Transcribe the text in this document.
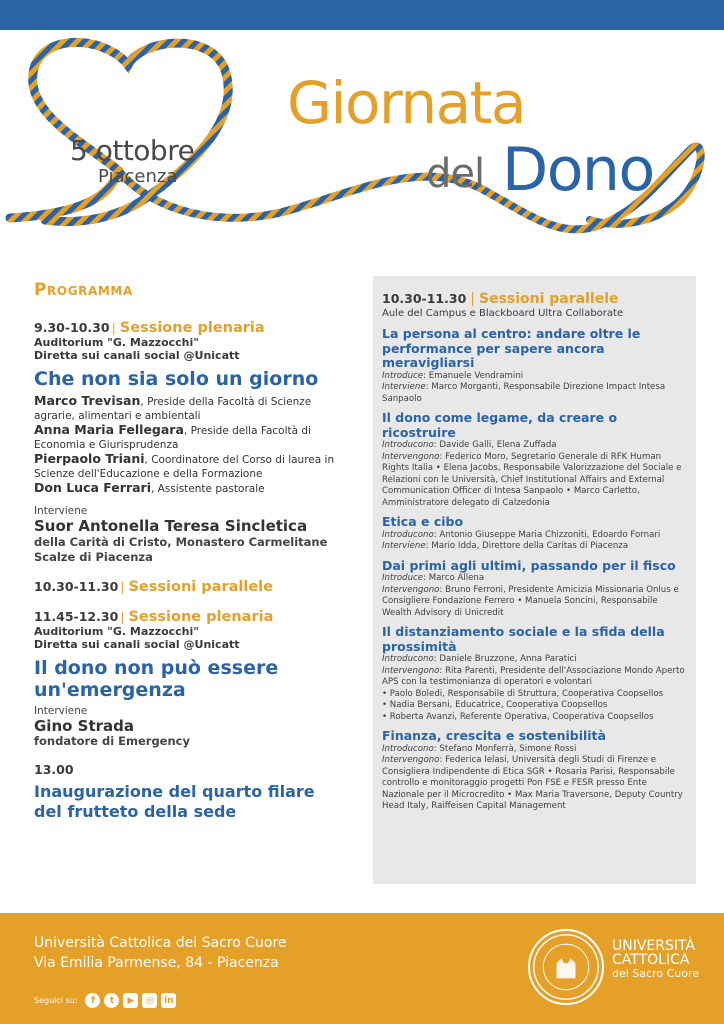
5 ottobre
Piacenza
Giornata
del Dono
Programma
9.30-10.30 | Sessione plenaria
Auditorium "G. Mazzocchi"
Diretta sui canali social @Unicatt
Che non sia solo un giorno
Marco Trevisan, Preside della Facoltà di Scienze agrarie, alimentari e ambientali
Anna Maria Fellegara, Preside della Facoltà di Economia e Giurisprudenza
Pierpaolo Triani, Coordinatore del Corso di laurea in Scienze dell'Educazione e della Formazione
Don Luca Ferrari, Assistente pastorale
Interviene
Suor Antonella Teresa Sincletica
della Carità di Cristo, Monastero Carmelitane Scalze di Piacenza
10.30-11.30 | Sessioni parallele
11.45-12.30 | Sessione plenaria
Auditorium "G. Mazzocchi"
Diretta sui canali social @Unicatt
Il dono non può essere un'emergenza
Interviene
Gino Strada
fondatore di Emergency
13.00
Inaugurazione del quarto filare del frutteto della sede
10.30-11.30 | Sessioni parallele
Aule del Campus e Blackboard Ultra Collaborate
La persona al centro: andare oltre le performance per sapere ancora meravigliarsi
Introduce: Emanuele Vendramini
Interviene: Marco Morganti, Responsabile Direzione Impact Intesa Sanpaolo
Il dono come legame, da creare o ricostruire
Introducono: Davide Galli, Elena Zuffada
Intervengono: Federico Moro, Segretario Generale di RFK Human Rights Italia • Elena Jacobs, Responsabile Valorizzazione del Sociale e Relazioni con le Università, Chief Institutional Affairs and External Communication Officer di Intesa Sanpaolo • Marco Carletto, Amministratore delegato di Calzedonia
Etica e cibo
Introducono: Antonio Giuseppe Maria Chizzoniti, Edoardo Fornari
Interviene: Mario Idda, Direttore della Caritas di Piacenza
Dai primi agli ultimi, passando per il fisco
Introduce: Marco Allena
Intervengono: Bruno Ferroni, Presidente Amicizia Missionaria Onlus e Consigliere Fondazione Ferrero • Manuela Soncini, Responsabile Wealth Advisory di Unicredit
Il distanziamento sociale e la sfida della prossimità
Introducono: Daniele Bruzzone, Anna Paratici
Intervengono: Rita Parenti, Presidente dell'Associazione Mondo Aperto APS con la testimonianza di operatori e volontari
• Paolo Boledi, Responsabile di Struttura, Cooperativa Coopsellos
• Nadia Bersani, Educatrice, Cooperativa Coopsellos
• Roberta Avanzi, Referente Operativa, Cooperativa Coopsellos
Finanza, crescita e sostenibilità
Introducono: Stefano Monferrà, Simone Rossi
Intervengono: Federica Ielasi, Università degli Studi di Firenze e Consigliera Indipendente di Etica SGR • Rosaria Parisi, Responsabile controllo e monitoraggio progetti Pon FSE e FESR presso Ente Nazionale per il Microcredito • Max Maria Traversone, Deputy Country Head Italy, Raiffeisen Capital Management
Università Cattolica del Sacro Cuore
Via Emilia Parmense, 84 - Piacenza
Seguici su:	f	t	▶	◎	in
UNIVERSITÀ
CATTOLICA
del Sacro Cuore
